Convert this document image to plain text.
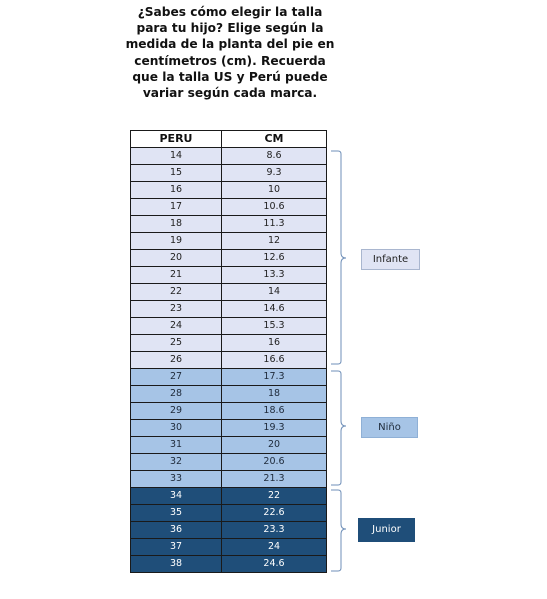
¿Sabes cómo elegir la talla
para tu hijo? Elige según la
medida de la planta del pie en
centímetros (cm). Recuerda
que la talla US y Perú puede
variar según cada marca.
PERU	CM
14	8.6
15	9.3
16	10
17	10.6
18	11.3
19	12
20	12.6
21	13.3
22	14
23	14.6
24	15.3
25	16
26	16.6
27	17.3
28	18
29	18.6
30	19.3
31	20
32	20.6
33	21.3
34	22
35	22.6
36	23.3
37	24
38	24.6
Infante
Niño
Junior
